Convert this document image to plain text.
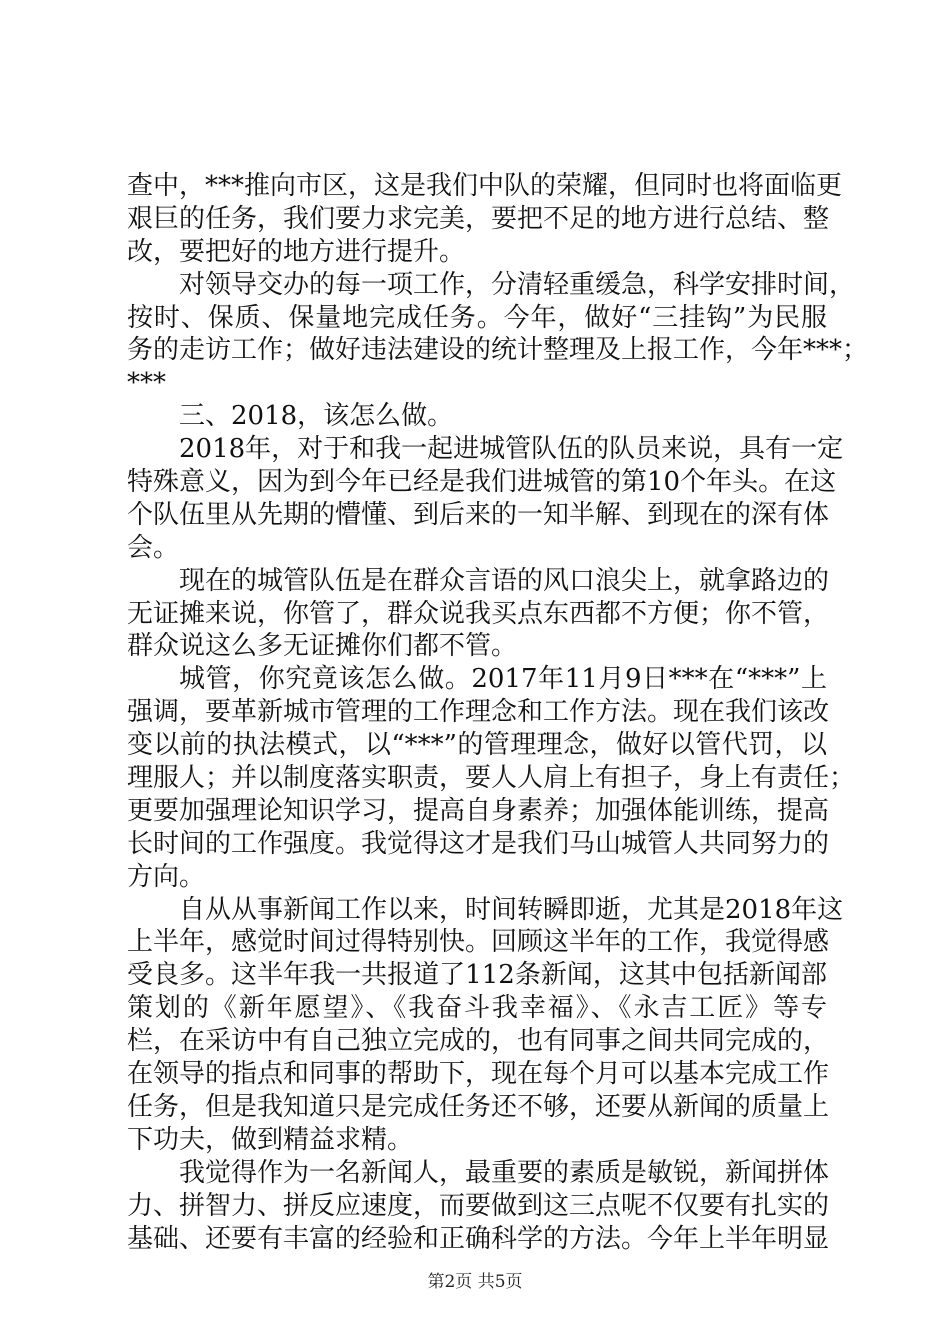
查中，***推向市区，这是我们中队的荣耀，但同时也将面临更
艰巨的任务，我们要力求完美，要把不足的地方进行总结、整
改，要把好的地方进行提升。
对领导交办的每一项工作，分清轻重缓急，科学安排时间，
按时、保质、保量地完成任务。今年，做好“三挂钩”为民服
务的走访工作；做好违法建设的统计整理及上报工作，今年***；
***
三、2018，该怎么做。
2018年，对于和我一起进城管队伍的队员来说，具有一定
特殊意义，因为到今年已经是我们进城管的第10个年头。在这
个队伍里从先期的懵懂、到后来的一知半解、到现在的深有体
会。
现在的城管队伍是在群众言语的风口浪尖上，就拿路边的
无证摊来说，你管了，群众说我买点东西都不方便；你不管，
群众说这么多无证摊你们都不管。
城管，你究竟该怎么做。2017年11月9日***在“***”上
强调，要革新城市管理的工作理念和工作方法。现在我们该改
变以前的执法模式，以“***”的管理理念，做好以管代罚，以
理服人；并以制度落实职责，要人人肩上有担子，身上有责任；
更要加强理论知识学习，提高自身素养；加强体能训练，提高
长时间的工作强度。我觉得这才是我们马山城管人共同努力的
方向。
自从从事新闻工作以来，时间转瞬即逝，尤其是2018年这
上半年，感觉时间过得特别快。回顾这半年的工作，我觉得感
受良多。这半年我一共报道了112条新闻，这其中包括新闻部
策划的《新年愿望》、《我奋斗我幸福》、《永吉工匠》等专
栏，在采访中有自己独立完成的，也有同事之间共同完成的，
在领导的指点和同事的帮助下，现在每个月可以基本完成工作
任务，但是我知道只是完成任务还不够，还要从新闻的质量上
下功夫，做到精益求精。
我觉得作为一名新闻人，最重要的素质是敏锐，新闻拼体
力、拼智力、拼反应速度，而要做到这三点呢不仅要有扎实的
基础、还要有丰富的经验和正确科学的方法。今年上半年明显
第2页 共5页
